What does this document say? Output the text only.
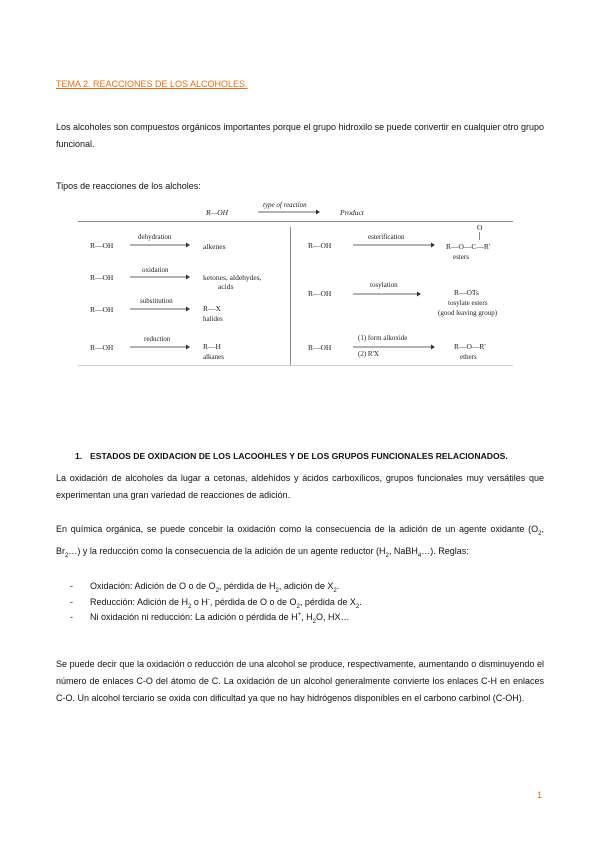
TEMA 2. REACCIONES DE LOS ALCOHOLES.
Los alcoholes son compuestos orgánicos importantes porque el grupo hidroxilo se puede convertir en cualquier otro grupo funcional.
Tipos de reacciones de los alcholes:
R—OH
type of reaction
Product
R—OH
dehydration
alkenes
R—OH
oxidation
ketones, aldehydes,
acids
R—OH
substitution
R—X
halides
R—OH
reduction
R—H
alkanes
R—OH
esterification
O
R—O—C—R'
esters
R—OH
tosylation
R—OTs
tosylate esters
(good leaving group)
R—OH
(1) form alkoxide
(2) R'X
R—O—R'
ethers
1. ESTADOS DE OXIDACION DE LOS LACOOHLES Y DE LOS GRUPOS FUNCIONALES RELACIONADOS.
La oxidación de alcoholes da lugar a cetonas, aldehídos y ácidos carboxílicos, grupos funcionales muy versátiles que experimentan una gran variedad de reacciones de adición.
En química orgánica, se puede concebir la oxidación como la consecuencia de la adición de un agente oxidante ($O_2$, $Br_2\dots$) y la reducción como la consecuencia de la adición de un agente reductor ($H_2$, NaBH$_4$…). Reglas:
- Oxidación: Adición de O o de $O_2$, pérdida de $H_2$, adición de $X_2$.
- Reducción: Adición de $H_2$ o H-, pérdida de O o de $O_2$, pérdida de $X_2$.
- Ni oxidación ni reducción: La adición o pérdida de H+, $H_2O$, HX…
Se puede decir que la oxidación o reducción de una alcohol se produce, respectivamente, aumentando o disminuyendo el número de enlaces C-O del átomo de C. La oxidación de un alcohol generalmente convierte los enlaces C-H en enlaces C-O. Un alcohol terciario se oxida con dificultad ya que no hay hidrógenos disponibles en el carbono carbinol (C-OH).
1
